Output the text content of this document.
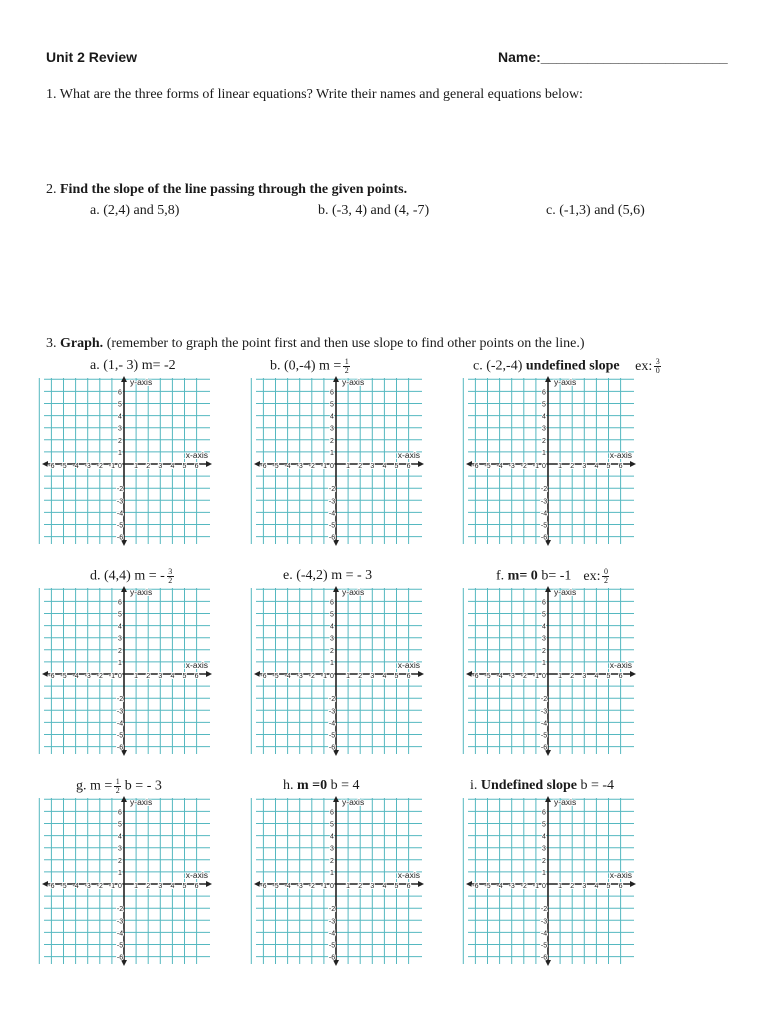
Unit 2 Review	Name:________________________
1. What are the three forms of linear equations? Write their names and general equations below:
2. Find the slope of the line passing through the given points.
a. (2,4) and 5,8)	b. (-3, 4) and (4, -7)	c. (-1,3) and (5,6)
3. Graph. (remember to graph the point first and then use slope to find other points on the line.)
a. (1,- 3) m= -2	b. (0,-4) $m = \frac{1}{2}$	c. (-2,-4) undefined slope ex: $\frac{3}{0}$
d. (4,4) m = - $\frac{3}{2}$	e. (-4,2) m = - 3	f. m= 0 b= -1 ex: $\frac{0}{2}$
g. $m = \frac{1}{2}$ b = - 3	h. m =0 b = 4	i. Undefined slope b = -4
y-axis
x-axis
-6 -5 -4 -3 -2 -1	1 2 3 4 5 6
0
6
5
4
3
2
1
-2
-3
-4
-5
-6
y-axis
x-axis
-6 -5 -4 -3 -2 -1	1 2 3 4 5 6
0
6
5
4
3
2
1
-2
-3
-4
-5
-6
y-axis
x-axis
-6 -5 -4 -3 -2 -1	1 2 3 4 5 6
0
6
5
4
3
2
1
-2
-3
-4
-5
-6
y-axis
x-axis
-6 -5 -4 -3 -2 -1	1 2 3 4 5 6
0
6
5
4
3
2
1
-2
-3
-4
-5
-6
y-axis
x-axis
-6 -5 -4 -3 -2 -1	1 2 3 4 5 6
0
6
5
4
3
2
1
-2
-3
-4
-5
-6
y-axis
x-axis
-6 -5 -4 -3 -2 -1	1 2 3 4 5 6
0
6
5
4
3
2
1
-2
-3
-4
-5
-6
y-axis
x-axis
-6 -5 -4 -3 -2 -1	1 2 3 4 5 6
0
6
5
4
3
2
1
-2
-3
-4
-5
-6
y-axis
x-axis
-6 -5 -4 -3 -2 -1	1 2 3 4 5 6
0
6
5
4
3
2
1
-2
-3
-4
-5
-6
y-axis
x-axis
-6 -5 -4 -3 -2 -1	1 2 3 4 5 6
0
6
5
4
3
2
1
-2
-3
-4
-5
-6
